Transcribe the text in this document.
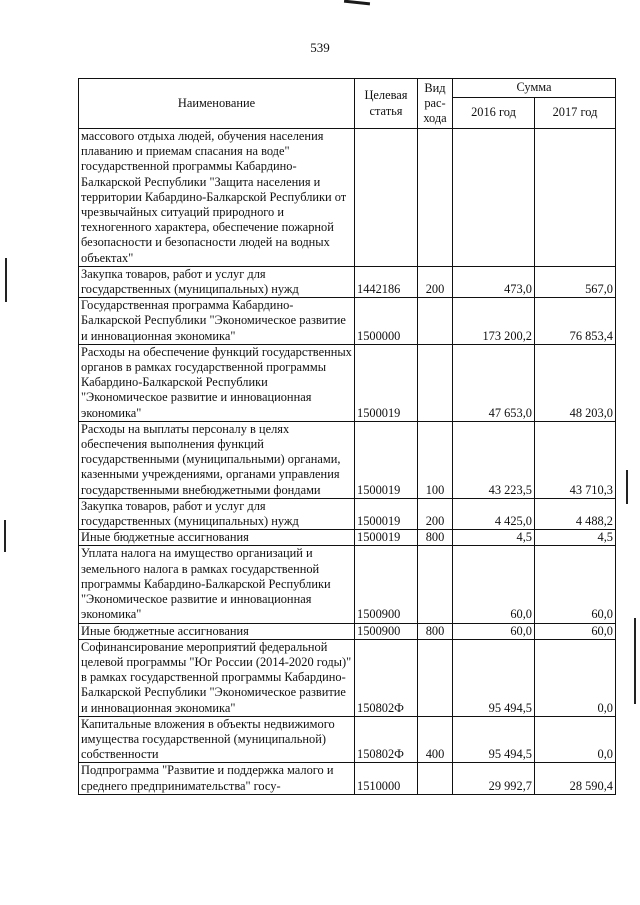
539
Наименование	Целевая статья	Вид рас-хода	Сумма	
			2016 год	2017 год
массового отдыха людей, обучения населения плаванию и приемам спасания на воде" государственной программы Кабардино-Балкарской Республики "Защита населения и территории Кабардино-Балкарской Республики от чрезвычайных ситуаций природного и техногенного характера, обеспечение пожарной безопасности и безопасности людей на водных объектах"				
Закупка товаров, работ и услуг для государственных (муниципальных) нужд	1442186	200	473,0	567,0
Государственная программа Кабардино-Балкарской Республики "Экономическое развитие и инновационная экономика"	1500000		173 200,2	76 853,4
Расходы на обеспечение функций государственных органов в рамках государственной программы Кабардино-Балкарской Республики "Экономическое развитие и инновационная экономика"	1500019		47 653,0	48 203,0
Расходы на выплаты персоналу в целях обеспечения выполнения функций государственными (муниципальными) органами, казенными учреждениями, органами управления государственными внебюджетными фондами	1500019	100	43 223,5	43 710,3
Закупка товаров, работ и услуг для государственных (муниципальных) нужд	1500019	200	4 425,0	4 488,2
Иные бюджетные ассигнования	1500019	800	4,5	4,5
Уплата налога на имущество организаций и земельного налога в рамках государственной программы Кабардино-Балкарской Республики "Экономическое развитие и инновационная экономика"	1500900		60,0	60,0
Иные бюджетные ассигнования	1500900	800	60,0	60,0
Софинансирование мероприятий федеральной целевой программы "Юг России (2014-2020 годы)" в рамках государственной программы Кабардино-Балкарской Республики "Экономическое развитие и инновационная экономика"	150802Ф		95 494,5	0,0
Капитальные вложения в объекты недвижимого имущества государственной (муниципальной) собственности	150802Ф	400	95 494,5	0,0
Подпрограмма "Развитие и поддержка малого и среднего предпринимательства" госу-	1510000		29 992,7	28 590,4
